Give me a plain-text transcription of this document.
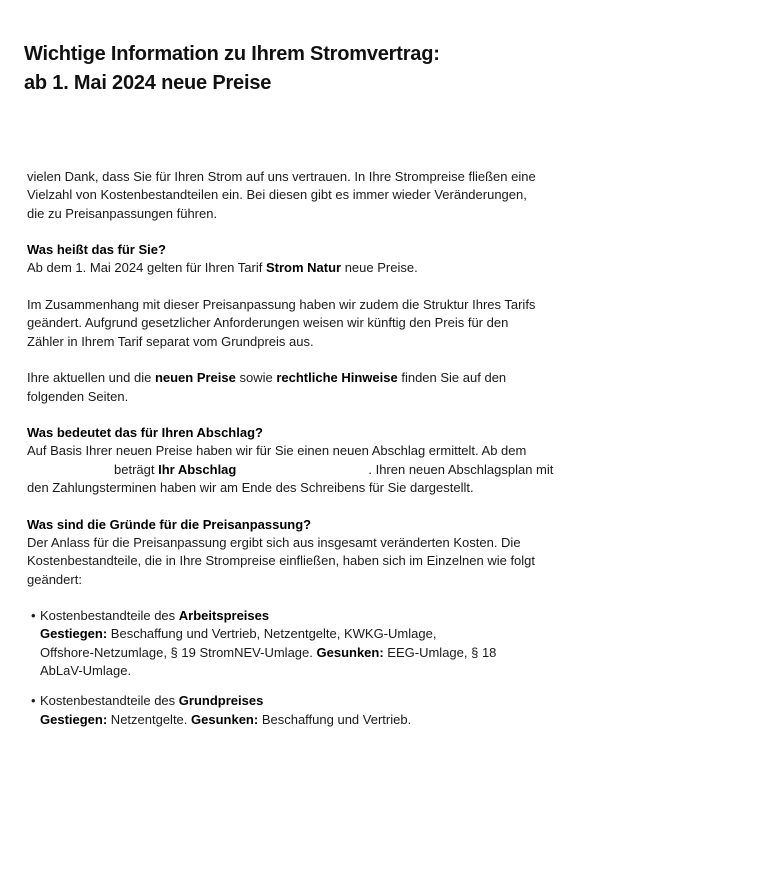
Wichtige Information zu Ihrem Stromvertrag:
ab 1. Mai 2024 neue Preise

vielen Dank, dass Sie für Ihren Strom auf uns vertrauen. In Ihre Strompreise fließen eine
Vielzahl von Kostenbestandteilen ein. Bei diesen gibt es immer wieder Veränderungen,
die zu Preisanpassungen führen.

Was heißt das für Sie?
Ab dem 1. Mai 2024 gelten für Ihren Tarif Strom Natur neue Preise.

Im Zusammenhang mit dieser Preisanpassung haben wir zudem die Struktur Ihres Tarifs
geändert. Aufgrund gesetzlicher Anforderungen weisen wir künftig den Preis für den
Zähler in Ihrem Tarif separat vom Grundpreis aus.

Ihre aktuellen und die neuen Preise sowie rechtliche Hinweise finden Sie auf den
folgenden Seiten.

Was bedeutet das für Ihren Abschlag?
Auf Basis Ihrer neuen Preise haben wir für Sie einen neuen Abschlag ermittelt. Ab dem
beträgt Ihr Abschlag	. Ihren neuen Abschlagsplan mit
den Zahlungsterminen haben wir am Ende des Schreibens für Sie dargestellt.

Was sind die Gründe für die Preisanpassung?
Der Anlass für die Preisanpassung ergibt sich aus insgesamt veränderten Kosten. Die
Kostenbestandteile, die in Ihre Strompreise einfließen, haben sich im Einzelnen wie folgt
geändert:

• Kostenbestandteile des Arbeitspreises
Gestiegen: Beschaffung und Vertrieb, Netzentgelte, KWKG-Umlage,
Offshore-Netzumlage, § 19 StromNEV-Umlage. Gesunken: EEG-Umlage, § 18
AbLaV-Umlage.
• Kostenbestandteile des Grundpreises
Gestiegen: Netzentgelte. Gesunken: Beschaffung und Vertrieb.
